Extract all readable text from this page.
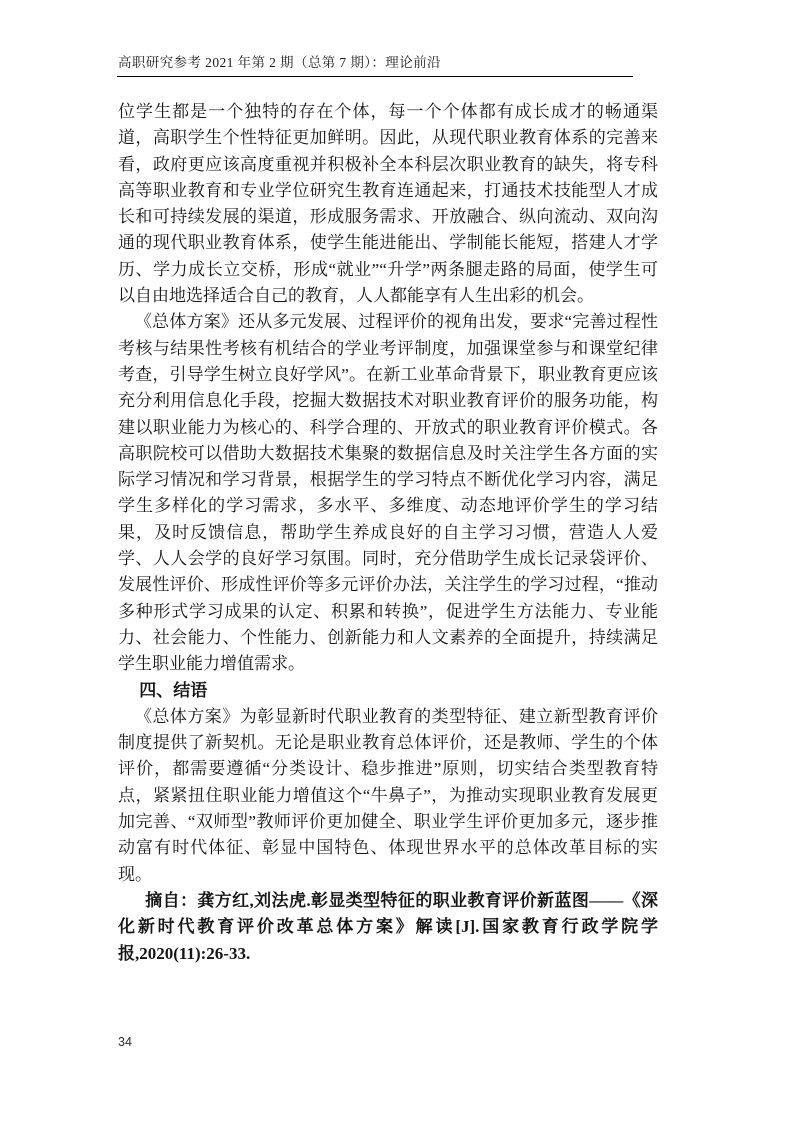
高职研究参考 2021 年第 2 期（总第 7 期）：理论前沿

位学生都是一个独特的存在个体，每一个个体都有成长成才的畅通渠道，高职学生个性特征更加鲜明。因此，从现代职业教育体系的完善来看，政府更应该高度重视并积极补全本科层次职业教育的缺失，将专科高等职业教育和专业学位研究生教育连通起来，打通技术技能型人才成长和可持续发展的渠道，形成服务需求、开放融合、纵向流动、双向沟通的现代职业教育体系，使学生能进能出、学制能长能短，搭建人才学历、学力成长立交桥，形成“就业”“升学”两条腿走路的局面，使学生可以自由地选择适合自己的教育，人人都能享有人生出彩的机会。

《总体方案》还从多元发展、过程评价的视角出发，要求“完善过程性考核与结果性考核有机结合的学业考评制度，加强课堂参与和课堂纪律考查，引导学生树立良好学风”。在新工业革命背景下，职业教育更应该充分利用信息化手段，挖掘大数据技术对职业教育评价的服务功能，构建以职业能力为核心的、科学合理的、开放式的职业教育评价模式。各高职院校可以借助大数据技术集聚的数据信息及时关注学生各方面的实际学习情况和学习背景，根据学生的学习特点不断优化学习内容，满足学生多样化的学习需求，多水平、多维度、动态地评价学生的学习结果，及时反馈信息，帮助学生养成良好的自主学习习惯，营造人人爱学、人人会学的良好学习氛围。同时，充分借助学生成长记录袋评价、发展性评价、形成性评价等多元评价办法，关注学生的学习过程，“推动多种形式学习成果的认定、积累和转换”，促进学生方法能力、专业能力、社会能力、个性能力、创新能力和人文素养的全面提升，持续满足学生职业能力增值需求。

四、结语

《总体方案》为彰显新时代职业教育的类型特征、建立新型教育评价制度提供了新契机。无论是职业教育总体评价，还是教师、学生的个体评价，都需要遵循“分类设计、稳步推进”原则，切实结合类型教育特点，紧紧扭住职业能力增值这个“牛鼻子”，为推动实现职业教育发展更加完善、“双师型”教师评价更加健全、职业学生评价更加多元，逐步推动富有时代体征、彰显中国特色、体现世界水平的总体改革目标的实现。

摘自：龚方红,刘法虎.彰显类型特征的职业教育评价新蓝图——《深化新时代教育评价改革总体方案》解读[J].国家教育行政学院学报,2020(11):26-33.

34
